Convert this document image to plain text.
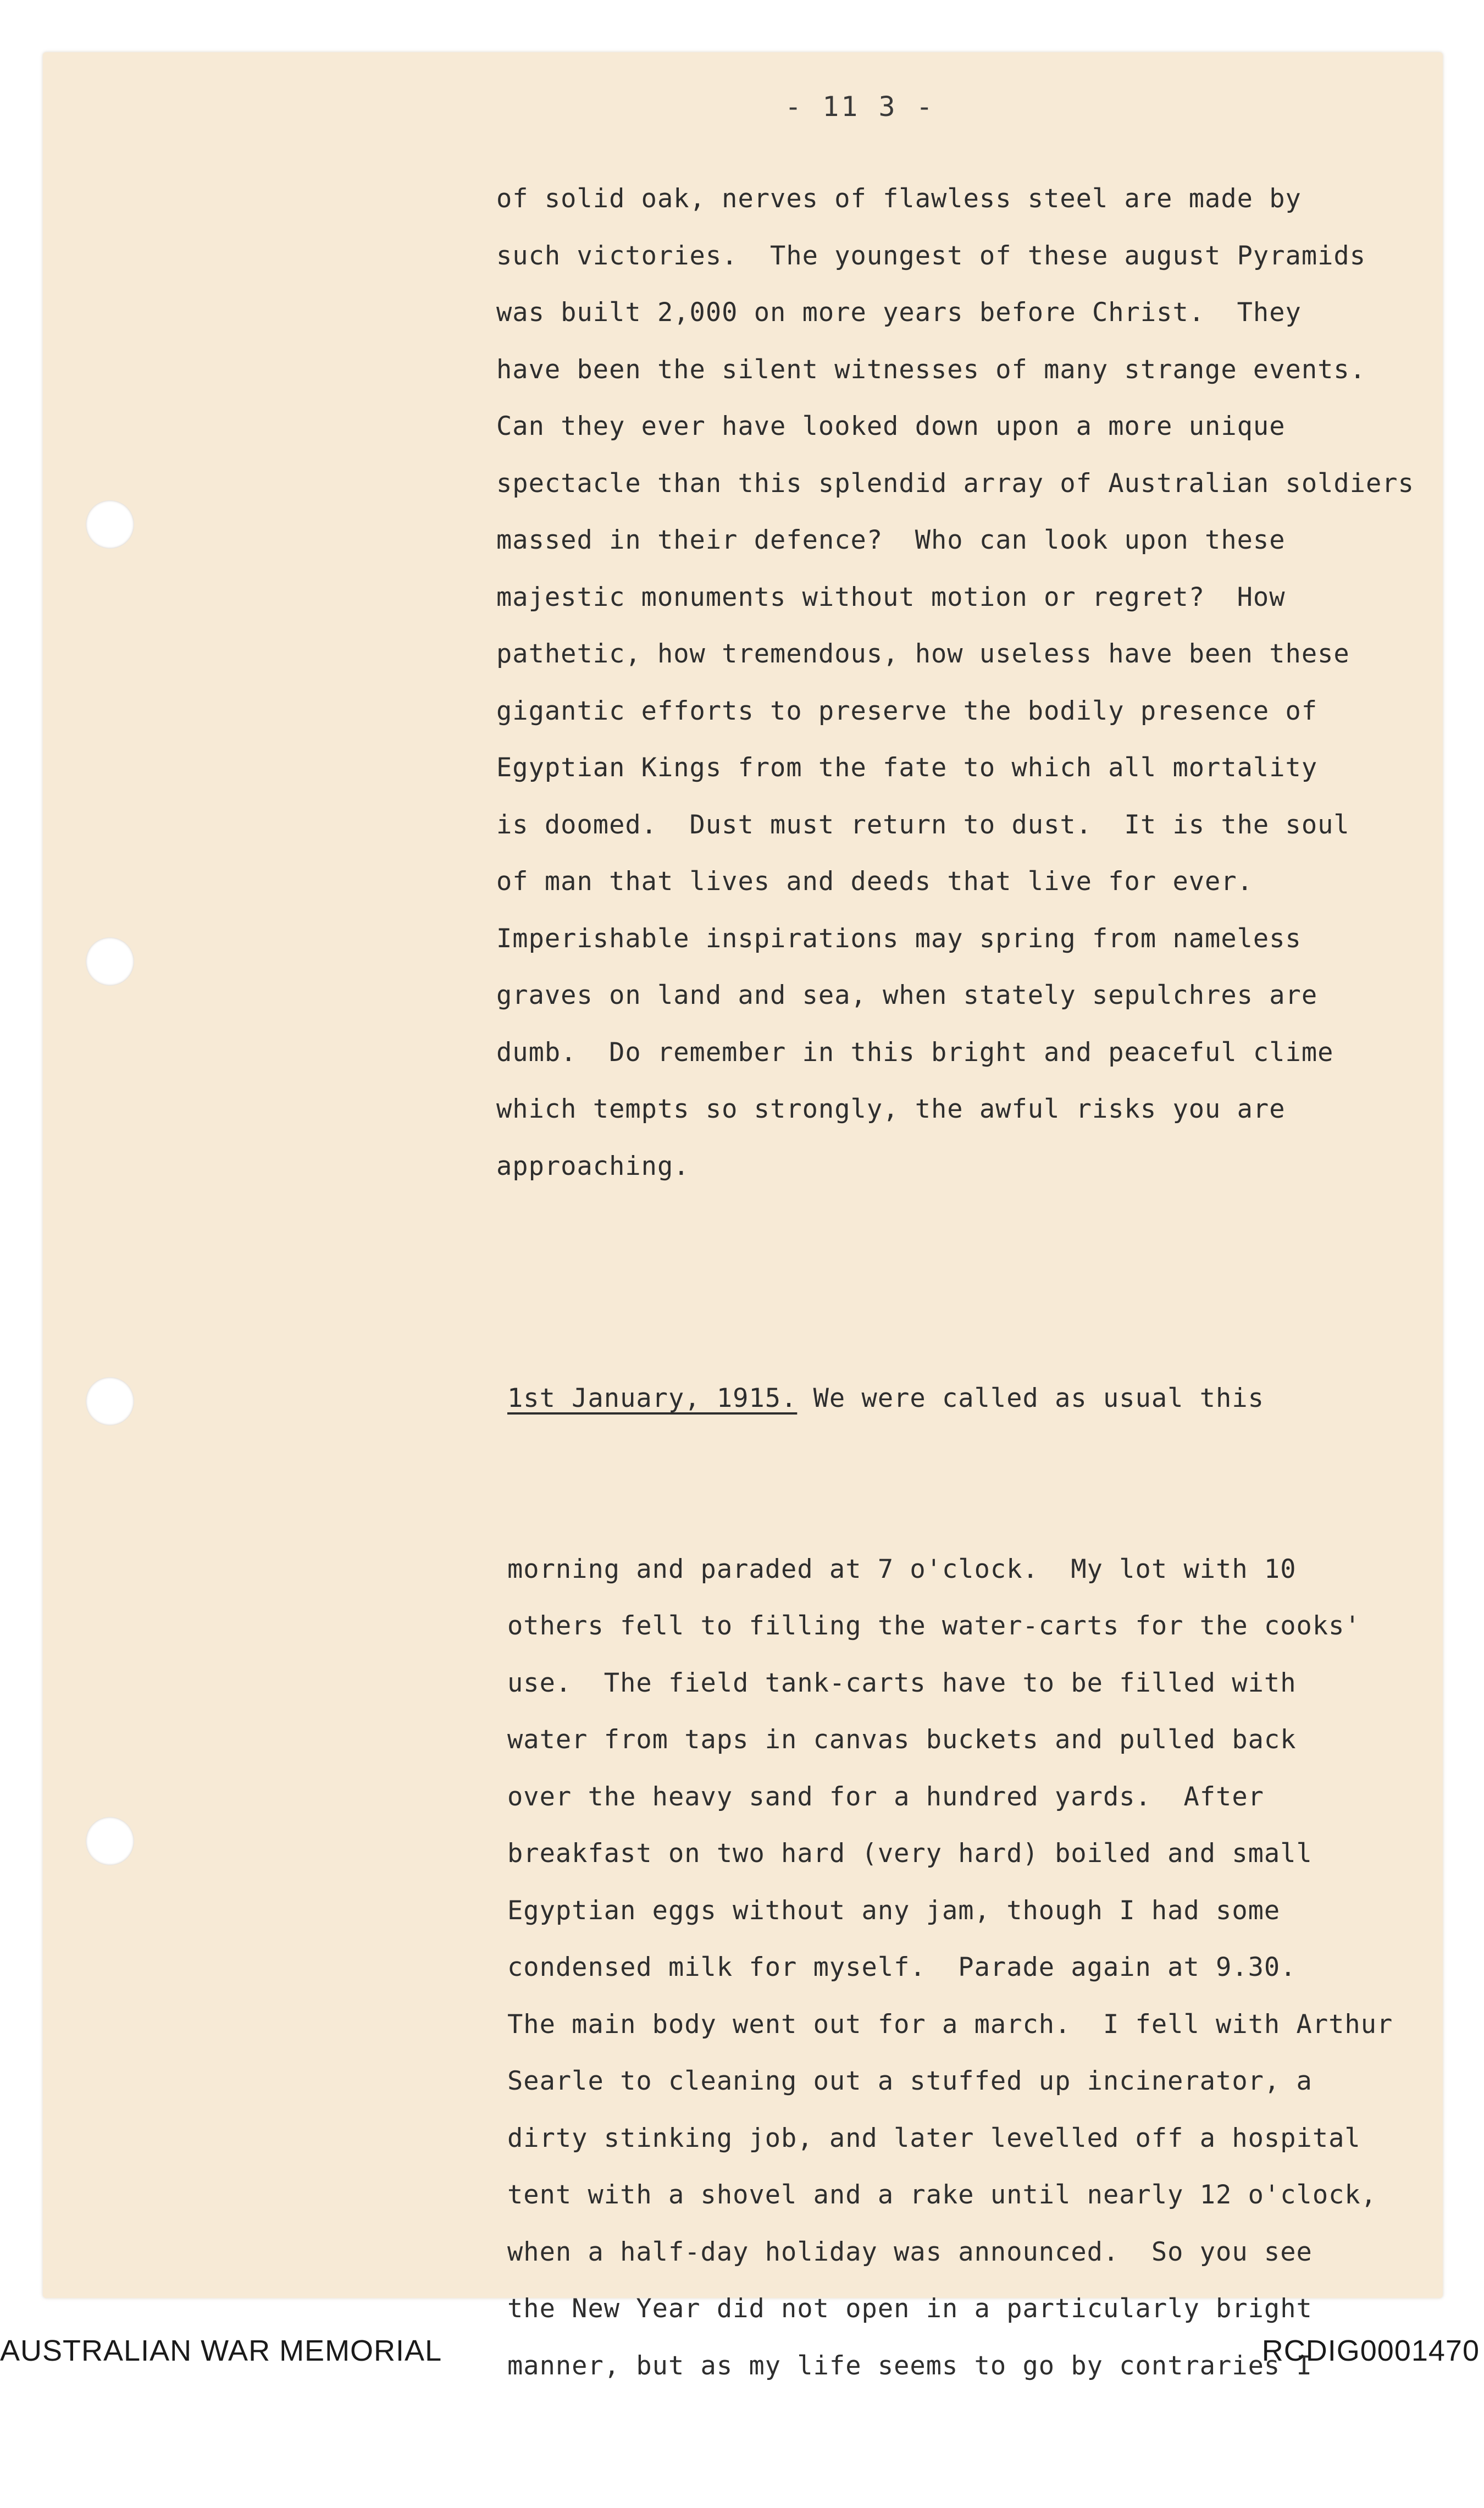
- 11 3 -
of solid oak, nerves of flawless steel are made by
such victories.  The youngest of these august Pyramids
was built 2,000 on more years before Christ.  They
have been the silent witnesses of many strange events.
Can they ever have looked down upon a more unique
spectacle than this splendid array of Australian soldiers
massed in their defence?  Who can look upon these
majestic monuments without motion or regret?  How
pathetic, how tremendous, how useless have been these
gigantic efforts to preserve the bodily presence of
Egyptian Kings from the fate to which all mortality
is doomed.  Dust must return to dust.  It is the soul
of man that lives and deeds that live for ever.
Imperishable inspirations may spring from nameless
graves on land and sea, when stately sepulchres are
dumb.  Do remember in this bright and peaceful clime
which tempts so strongly, the awful risks you are
approaching.

1st January, 1915. We were called as usual this

morning and paraded at 7 o'clock.  My lot with 10
others fell to filling the water-carts for the cooks'
use.  The field tank-carts have to be filled with
water from taps in canvas buckets and pulled back
over the heavy sand for a hundred yards.  After
breakfast on two hard (very hard) boiled and small
Egyptian eggs without any jam, though I had some
condensed milk for myself.  Parade again at 9.30.
The main body went out for a march.  I fell with Arthur
Searle to cleaning out a stuffed up incinerator, a
dirty stinking job, and later levelled off a hospital
tent with a shovel and a rake until nearly 12 o'clock,
when a half-day holiday was announced.  So you see
the New Year did not open in a particularly bright
manner, but as my life seems to go by contraries I

AUSTRALIAN WAR MEMORIAL	RCDIG0001470
